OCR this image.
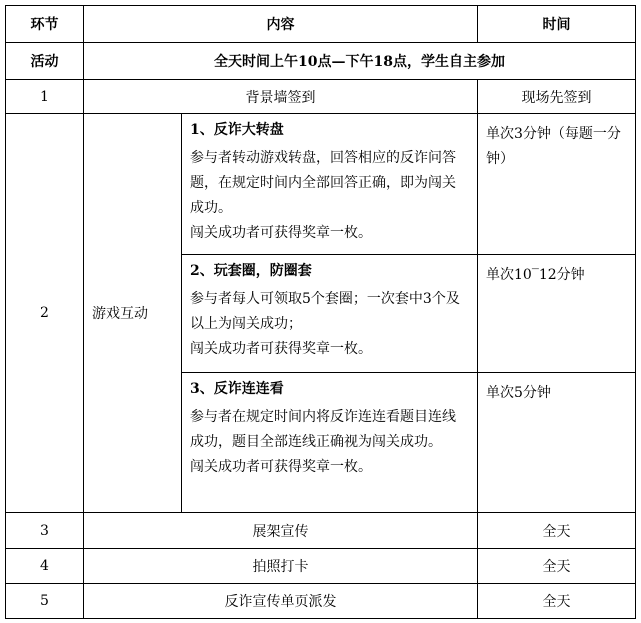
环节	内容		时间
活动	全天时间上午10点—下午18点，学生自主参加		
1	背景墙签到		现场先签到
2	游戏互动	1、反诈大转盘

参与者转动游戏转盘，回答相应的反诈问答题，在规定时间内全部回答正确，即为闯关成功。

闯关成功者可获得奖章一枚。	单次3分钟（每题一分钟）

		2、玩套圈，防圈套

参与者每人可领取5个套圈；一次套中3个及以上为闯关成功；

闯关成功者可获得奖章一枚。	单次10‾12分钟

		3、反诈连连看

参与者在规定时间内将反诈连连看题目连线成功，题目全部连线正确视为闯关成功。

闯关成功者可获得奖章一枚。	单次5分钟
3	展架宣传		全天
4	拍照打卡		全天
5	反诈宣传单页派发		全天
